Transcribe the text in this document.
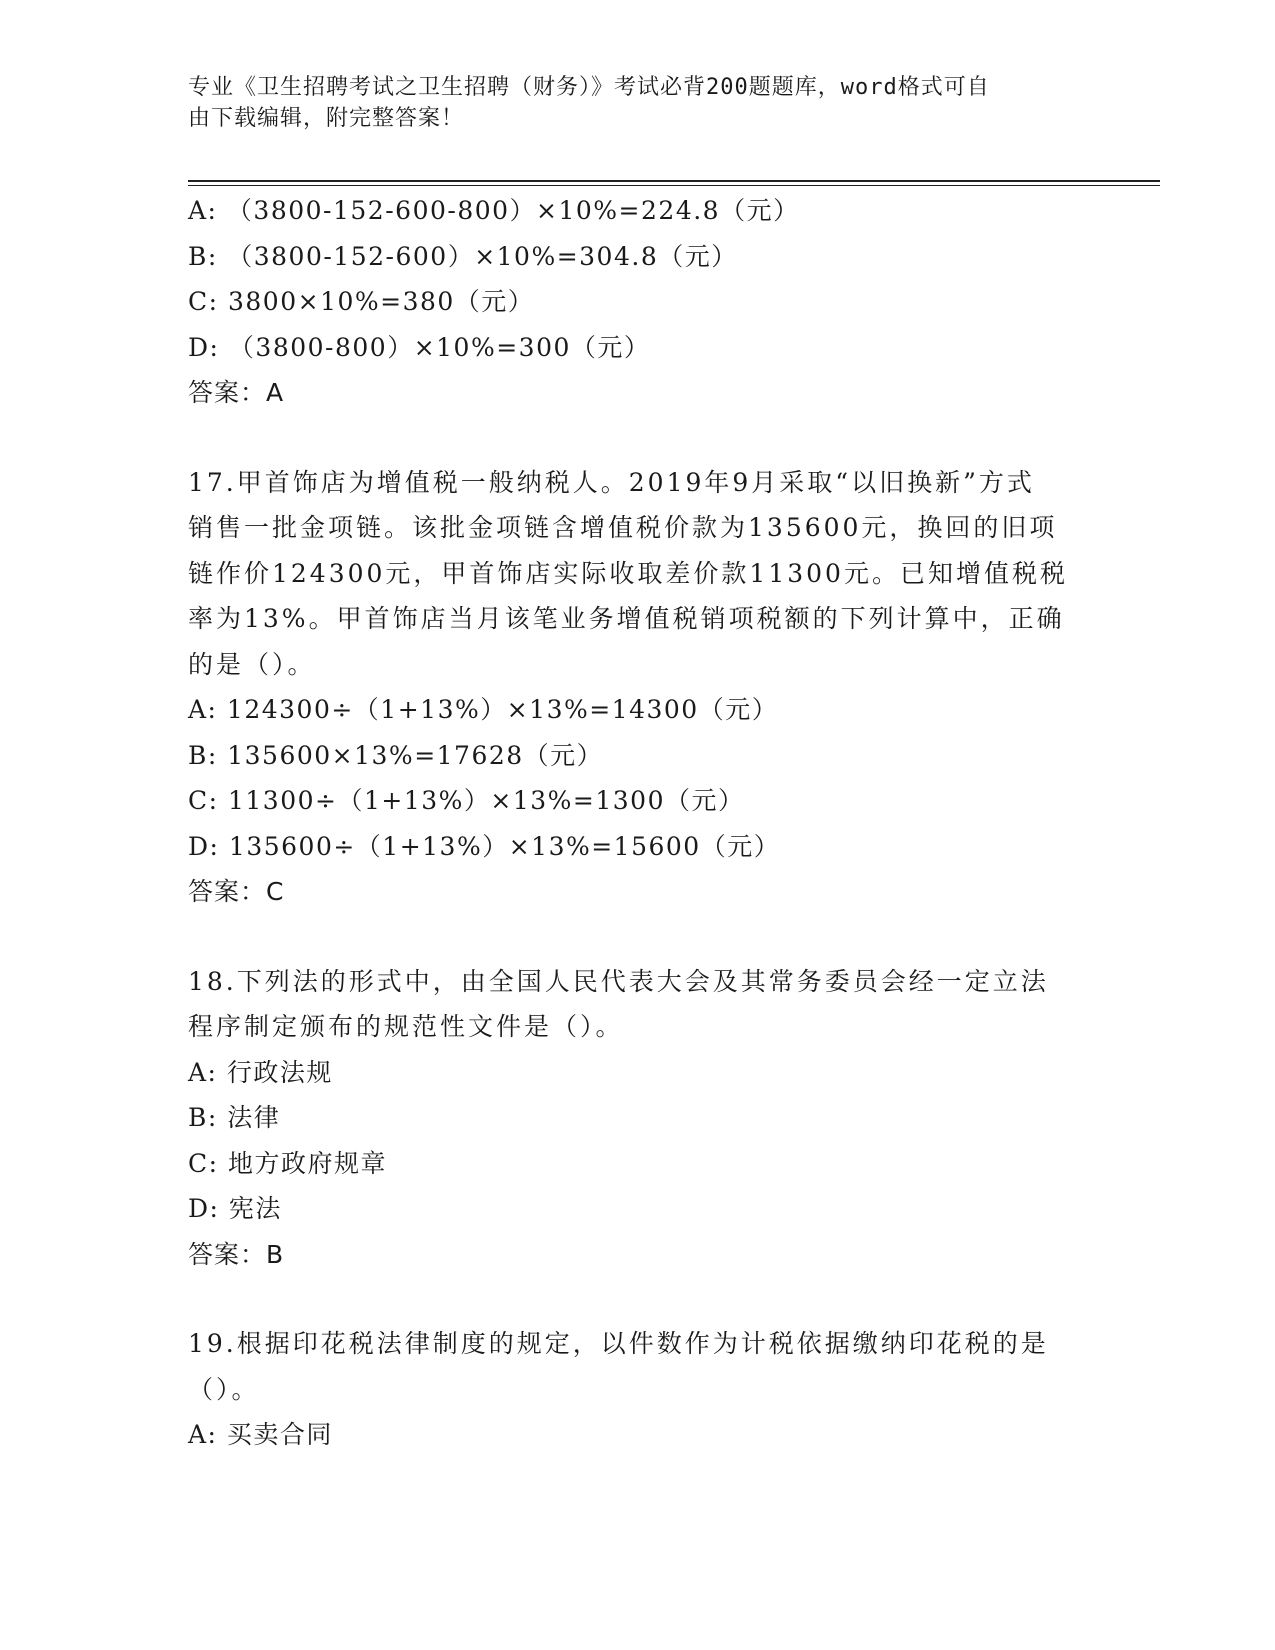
专业《卫生招聘考试之卫生招聘（财务）》考试必背200题题库，word格式可自
由下载编辑，附完整答案！
A: （3800-152-600-800）×10%=224.8（元）
B: （3800-152-600）×10%=304.8（元）
C: 3800×10%=380（元）
D: （3800-800）×10%=300（元）
答案：A
17.甲首饰店为增值税一般纳税人。2019年9月采取“以旧换新”方式
销售一批金项链。该批金项链含增值税价款为135600元，换回的旧项
链作价124300元，甲首饰店实际收取差价款11300元。已知增值税税
率为13%。甲首饰店当月该笔业务增值税销项税额的下列计算中，正确
的是（）。
A: 124300÷（1+13%）×13%=14300（元）
B: 135600×13%=17628（元）
C: 11300÷（1+13%）×13%=1300（元）
D: 135600÷（1+13%）×13%=15600（元）
答案：C
18.下列法的形式中，由全国人民代表大会及其常务委员会经一定立法
程序制定颁布的规范性文件是（）。
A: 行政法规
B: 法律
C: 地方政府规章
D: 宪法
答案：B
19.根据印花税法律制度的规定，以件数作为计税依据缴纳印花税的是
（）。
A: 买卖合同
